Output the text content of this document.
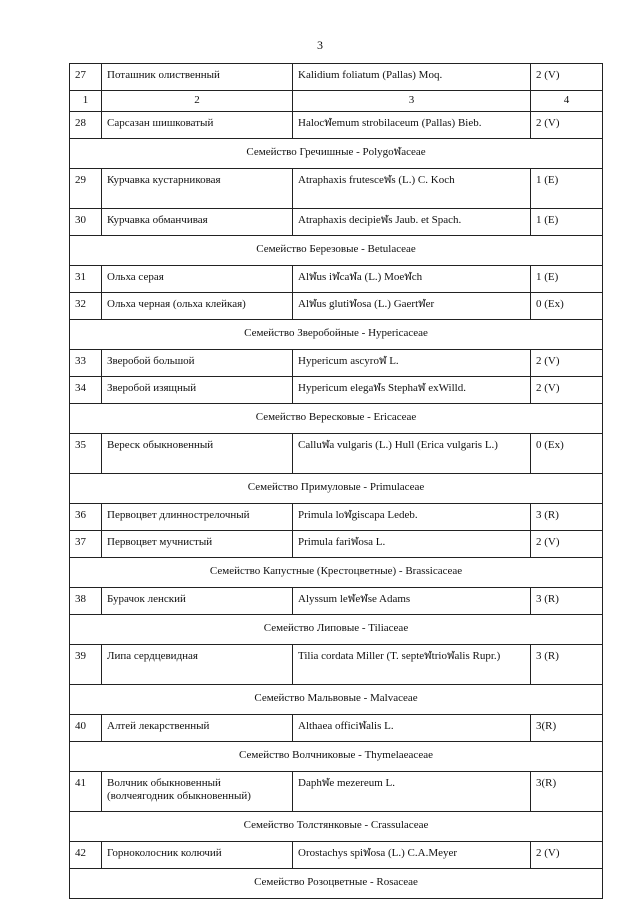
3
27	Поташник олиственный	Kalidium foliatum (Pallas) Moq.	2 (V)
1	2	3	4
28	Сарсазан шишковатый	Halocฬemum strobilaceum (Pallas) Bieb.	2 (V)
Семейство Гречишные - Polygoฬaceae			
29	Курчавка кустарниковая	Atraphaxis frutesceฬs (L.) C. Koch	1 (E)
30	Курчавка обманчивая	Atraphaxis decipieฬs Jaub. et Spach.	1 (E)
Семейство Березовые - Betulaceae			
31	Ольха серая	Alฬus iฬcaฬa (L.) Moeฬch	1 (E)
32	Ольха черная (ольха клейкая)	Alฬus glutiฬosa (L.) Gaertฬer	0 (Ex)
Семейство Зверобойные - Hypericaceae			
33	Зверобой большой	Hypericum ascyroฬ L.	2 (V)
34	Зверобой изящный	Hypericum elegaฬs Stephaฬ exWilld.	2 (V)
Семейство Вересковые - Ericaceae			
35	Вереск обыкновенный	Calluฬa vulgaris (L.) Hull (Erica vulgaris L.)	0 (Ex)
Семейство Примуловые - Primulaceae			
36	Первоцвет длиннострелочный	Primula loฬgiscapa Ledeb.	3 (R)
37	Первоцвет мучнистый	Primula fariฬosa L.	2 (V)
Семейство Капустные (Крестоцветные) - Brassicaceae			
38	Бурачок ленский	Alyssum leฬeฬse Adams	3 (R)
Семейство Липовые - Tiliaceae			
39	Липа сердцевидная	Tilia cordata Miller (T. septeฬtrioฬalis Rupr.)	3 (R)
Семейство Мальвовые - Malvaceae			
40	Алтей лекарственный	Althaea officiฬalis L.	3(R)
Семейство Волчниковые - Thymelaeaceae			
41	Волчник обыкновенный (волчеягодник обыкновенный)	Daphฬe mezereum L.	3(R)
Семейство Толстянковые - Crassulaceae			
42	Горноколосник колючий	Orostachys spiฬosa (L.) C.A.Meyer	2 (V)
Семейство Розоцветные - Rosaceae			
